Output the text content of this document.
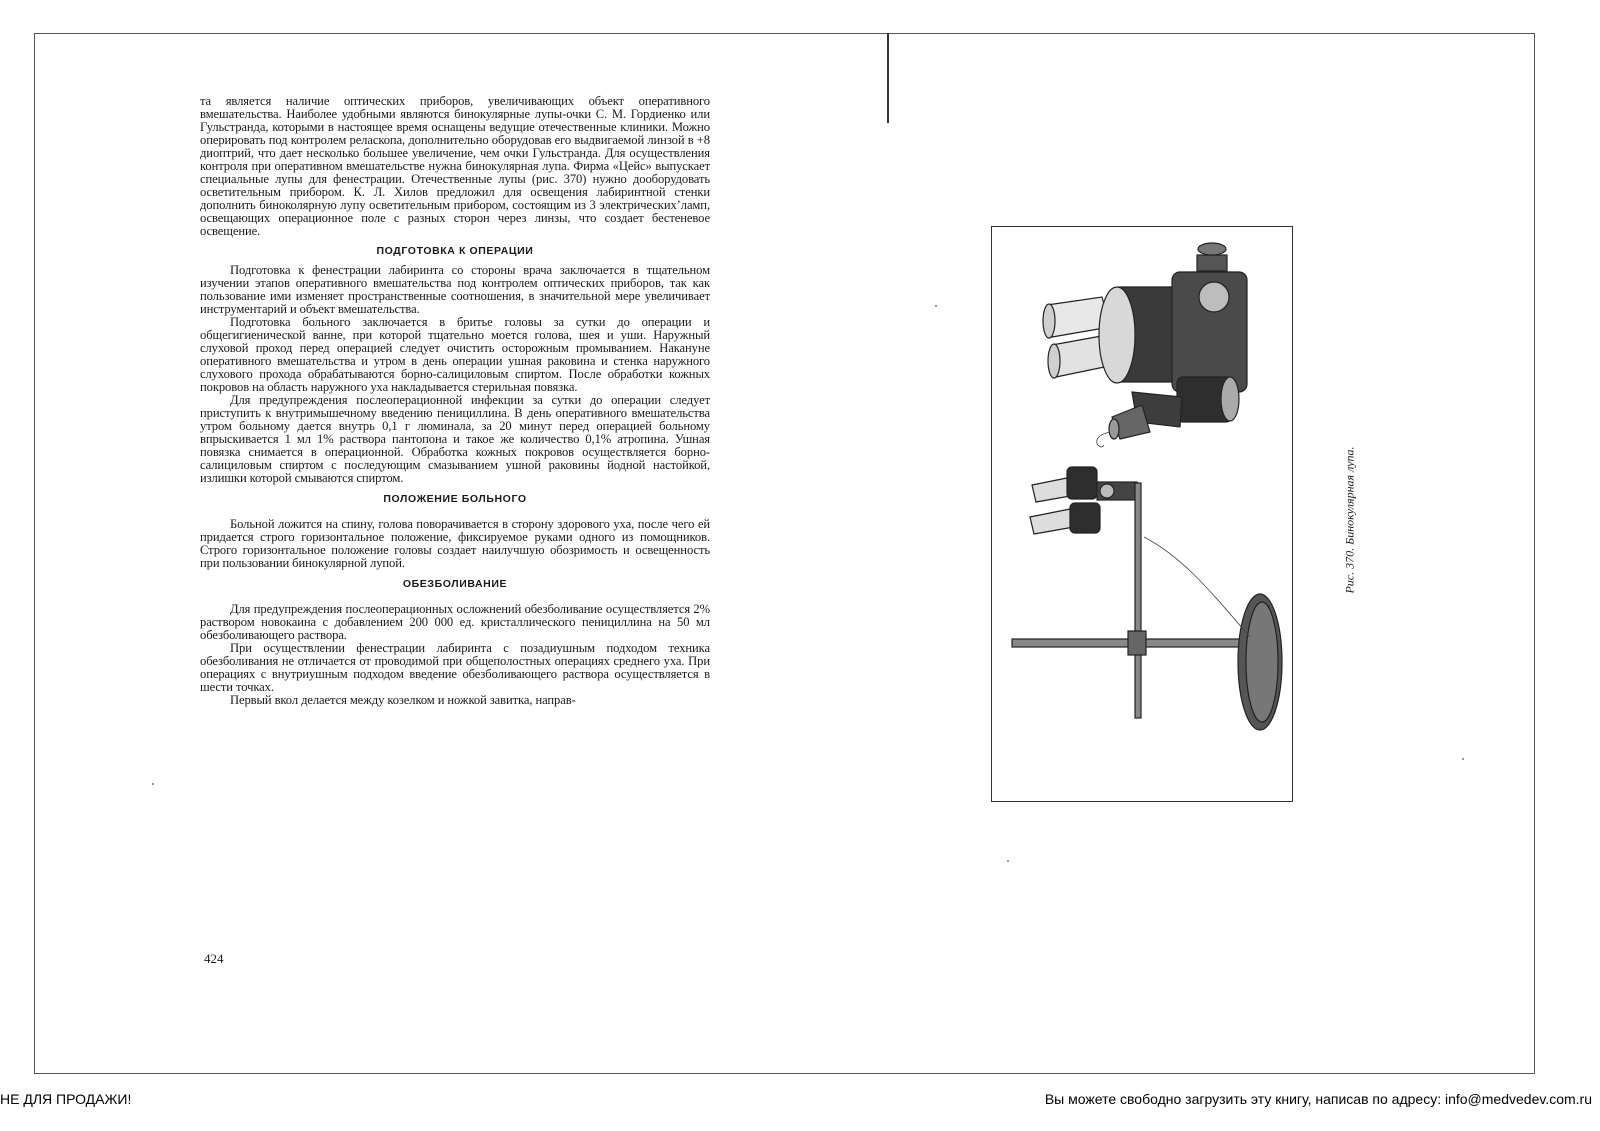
та является наличие оптических приборов, увеличивающих объект оперативного вмешательства. Наиболее удобными являются бинокулярные лупы-очки С. М. Гордиенко или Гульстранда, которыми в настоящее время оснащены ведущие отечественные клиники. Можно оперировать под контролем реласкопа, дополнительно оборудовав его выдвигаемой линзой в +8 диоптрий, что дает несколько большее увеличение, чем очки Гульстранда. Для осуществления контроля при оперативном вмешательстве нужна бинокулярная лупа. Фирма «Цейс» выпускает специальные лупы для фенестрации. Отечественные лупы (рис. 370) нужно дооборудовать осветительным прибором. К. Л. Хилов предложил для освещения лабиринтной стенки дополнить биноколярную лупу осветительным прибором, состоящим из 3 электрических’ламп, освещающих операционное поле с разных сторон через линзы, что создает бестеневое освещение.

ПОДГОТОВКА К ОПЕРАЦИИ

Подготовка к фенестрации лабиринта со стороны врача заключается в тщательном изучении этапов оперативного вмешательства под контролем оптических приборов, так как пользование ими изменяет пространственные соотношения, в значительной мере увеличивает инструментарий и объект вмешательства.

Подготовка больного заключается в бритье головы за сутки до операции и общегигиенической ванне, при которой тщательно моется голова, шея и уши. Наружный слуховой проход перед операцией следует очистить осторожным промыванием. Накануне оперативного вмешательства и утром в день операции ушная раковина и стенка наружного слухового прохода обрабатываются борно-салициловым спиртом. После обработки кожных покровов на область наружного уха накладывается стерильная повязка.

Для предупреждения послеоперационной инфекции за сутки до операции следует приступить к внутримышечному введению пенициллина. В день оперативного вмешательства утром больному дается внутрь 0,1 г люминала, за 20 минут перед операцией больному впрыскивается 1 мл 1% раствора пантопона и такое же количество 0,1% атропина. Ушная повязка снимается в операционной. Обработка кожных покровов осуществляется борно-салициловым спиртом с последующим смазыванием ушной раковины йодной настойкой, излишки которой смываются спиртом.

ПОЛОЖЕНИЕ БОЛЬНОГО

Больной ложится на спину, голова поворачивается в сторону здорового уха, после чего ей придается строго горизонтальное положение, фиксируемое руками одного из помощников. Строго горизонтальное положение головы создает наилучшую обозримость и освещенность при пользовании бинокулярной лупой.

ОБЕЗБОЛИВАНИЕ

Для предупреждения послеоперационных осложнений обезболивание осуществляется 2% раствором новокаина с добавлением 200 000 ед. кристаллического пенициллина на 50 мл обезболивающего раствора.

При осуществлении фенестрации лабиринта с позадиушным подходом техника обезболивания не отличается от проводимой при общеполостных операциях среднего уха. При операциях с внутриушным подходом введение обезболивающего раствора осуществляется в шести точках.

Первый вкол делается между козелком и ножкой завитка, направ-

424
Рис. 370. Бинокулярная лупа.
НЕ ДЛЯ ПРОДАЖИ!	Вы можете свободно загрузить эту книгу, написав по адресу: info@medvedev.com.ru
